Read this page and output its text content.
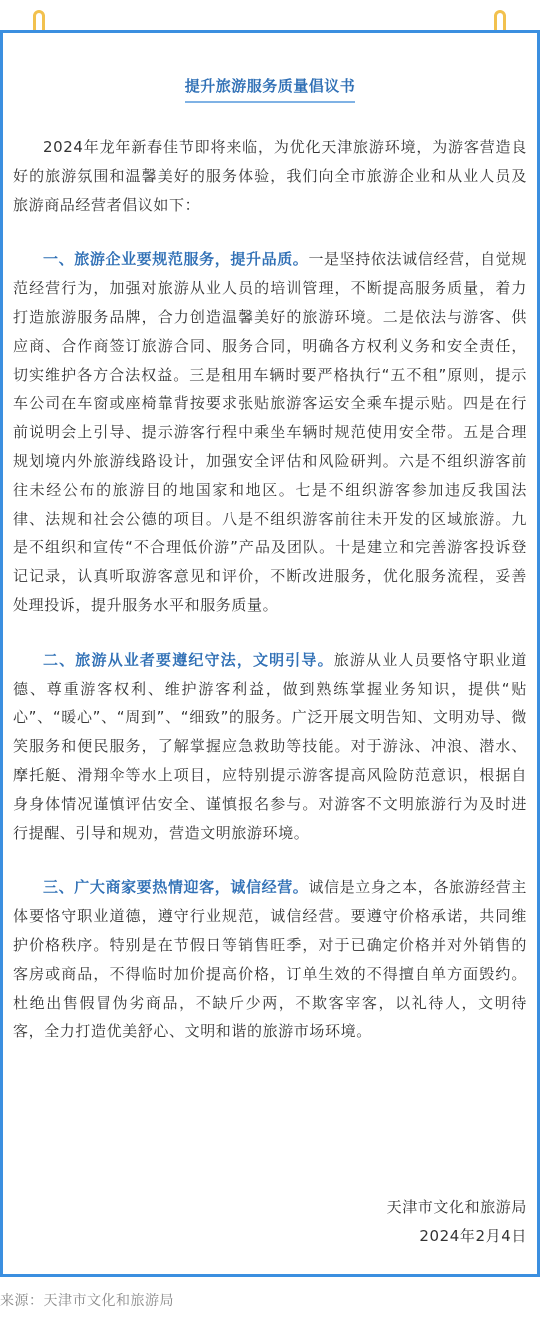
提升旅游服务质量倡议书

2024年龙年新春佳节即将来临，为优化天津旅游环境，为游客营造良好的旅游氛围和温馨美好的服务体验，我们向全市旅游企业和从业人员及旅游商品经营者倡议如下：

一、旅游企业要规范服务，提升品质。一是坚持依法诚信经营，自觉规范经营行为，加强对旅游从业人员的培训管理，不断提高服务质量，着力打造旅游服务品牌，合力创造温馨美好的旅游环境。二是依法与游客、供应商、合作商签订旅游合同、服务合同，明确各方权利义务和安全责任，切实维护各方合法权益。三是租用车辆时要严格执行“五不租”原则，提示车公司在车窗或座椅靠背按要求张贴旅游客运安全乘车提示贴。四是在行前说明会上引导、提示游客行程中乘坐车辆时规范使用安全带。五是合理规划境内外旅游线路设计，加强安全评估和风险研判。六是不组织游客前往未经公布的旅游目的地国家和地区。七是不组织游客参加违反我国法律、法规和社会公德的项目。八是不组织游客前往未开发的区域旅游。九是不组织和宣传“不合理低价游”产品及团队。十是建立和完善游客投诉登记记录，认真听取游客意见和评价，不断改进服务，优化服务流程，妥善处理投诉，提升服务水平和服务质量。

二、旅游从业者要遵纪守法，文明引导。旅游从业人员要恪守职业道德、尊重游客权利、维护游客利益，做到熟练掌握业务知识，提供“贴心”、“暖心”、“周到”、“细致”的服务。广泛开展文明告知、文明劝导、微笑服务和便民服务，了解掌握应急救助等技能。对于游泳、冲浪、潜水、摩托艇、滑翔伞等水上项目，应特别提示游客提高风险防范意识，根据自身身体情况谨慎评估安全、谨慎报名参与。对游客不文明旅游行为及时进行提醒、引导和规劝，营造文明旅游环境。

三、广大商家要热情迎客，诚信经营。诚信是立身之本，各旅游经营主体要恪守职业道德，遵守行业规范，诚信经营。要遵守价格承诺，共同维护价格秩序。特别是在节假日等销售旺季，对于已确定价格并对外销售的客房或商品，不得临时加价提高价格，订单生效的不得擅自单方面毁约。杜绝出售假冒伪劣商品，不缺斤少两，不欺客宰客，以礼待人，文明待客，全力打造优美舒心、文明和谐的旅游市场环境。

天津市文化和旅游局
2024年2月4日
来源：天津市文化和旅游局
